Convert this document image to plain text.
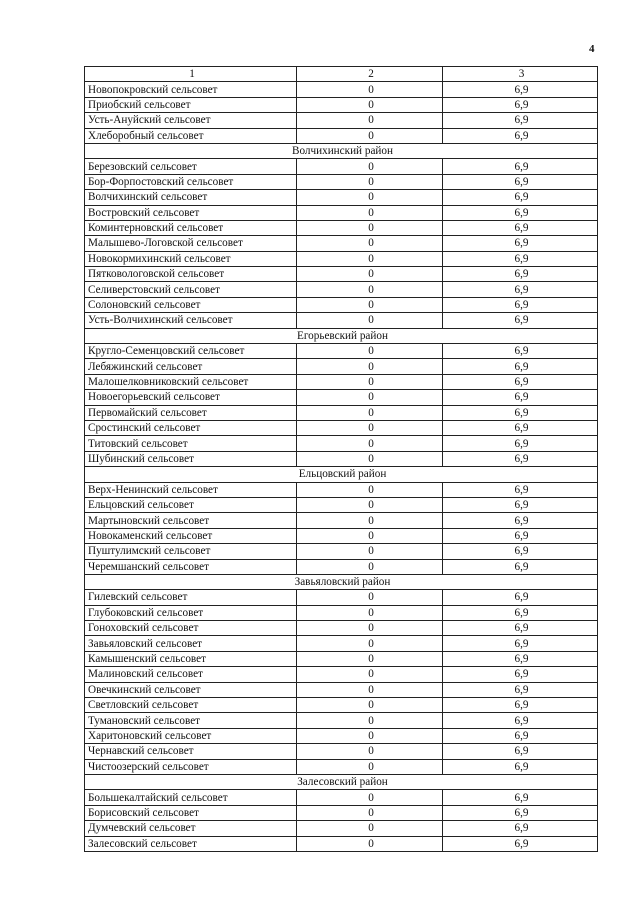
4
1	2	3
Новопокровский сельсовет	0	6,9
Приобский сельсовет	0	6,9
Усть-Ануйский сельсовет	0	6,9
Хлеборобный сельсовет	0	6,9
Волчихинский район		
Березовский сельсовет	0	6,9
Бор-Форпостовский сельсовет	0	6,9
Волчихинский сельсовет	0	6,9
Востровский сельсовет	0	6,9
Коминтерновский сельсовет	0	6,9
Малышево-Логовской сельсовет	0	6,9
Новокормихинский сельсовет	0	6,9
Пятковологовской сельсовет	0	6,9
Селиверстовский сельсовет	0	6,9
Солоновский сельсовет	0	6,9
Усть-Волчихинский сельсовет	0	6,9
Егорьевский район		
Кругло-Семенцовский сельсовет	0	6,9
Лебяжинский сельсовет	0	6,9
Малошелковниковский сельсовет	0	6,9
Новоегорьевский сельсовет	0	6,9
Первомайский сельсовет	0	6,9
Сростинский сельсовет	0	6,9
Титовский сельсовет	0	6,9
Шубинский сельсовет	0	6,9
Ельцовский район		
Верх-Ненинский сельсовет	0	6,9
Ельцовский сельсовет	0	6,9
Мартыновский сельсовет	0	6,9
Новокаменский сельсовет	0	6,9
Пуштулимский сельсовет	0	6,9
Черемшанский сельсовет	0	6,9
Завьяловский район		
Гилевский сельсовет	0	6,9
Глубоковский сельсовет	0	6,9
Гонохoвский сельсовет	0	6,9
Завьяловский сельсовет	0	6,9
Камышенский сельсовет	0	6,9
Малиновский сельсовет	0	6,9
Овечкинский сельсовет	0	6,9
Светловский сельсовет	0	6,9
Тумановский сельсовет	0	6,9
Харитоновский сельсовет	0	6,9
Чернавский сельсовет	0	6,9
Чистоозерский сельсовет	0	6,9
Залесовский район		
Большекалтайский сельсовет	0	6,9
Борисовский сельсовет	0	6,9
Думчевский сельсовет	0	6,9
Залесовский сельсовет	0	6,9
